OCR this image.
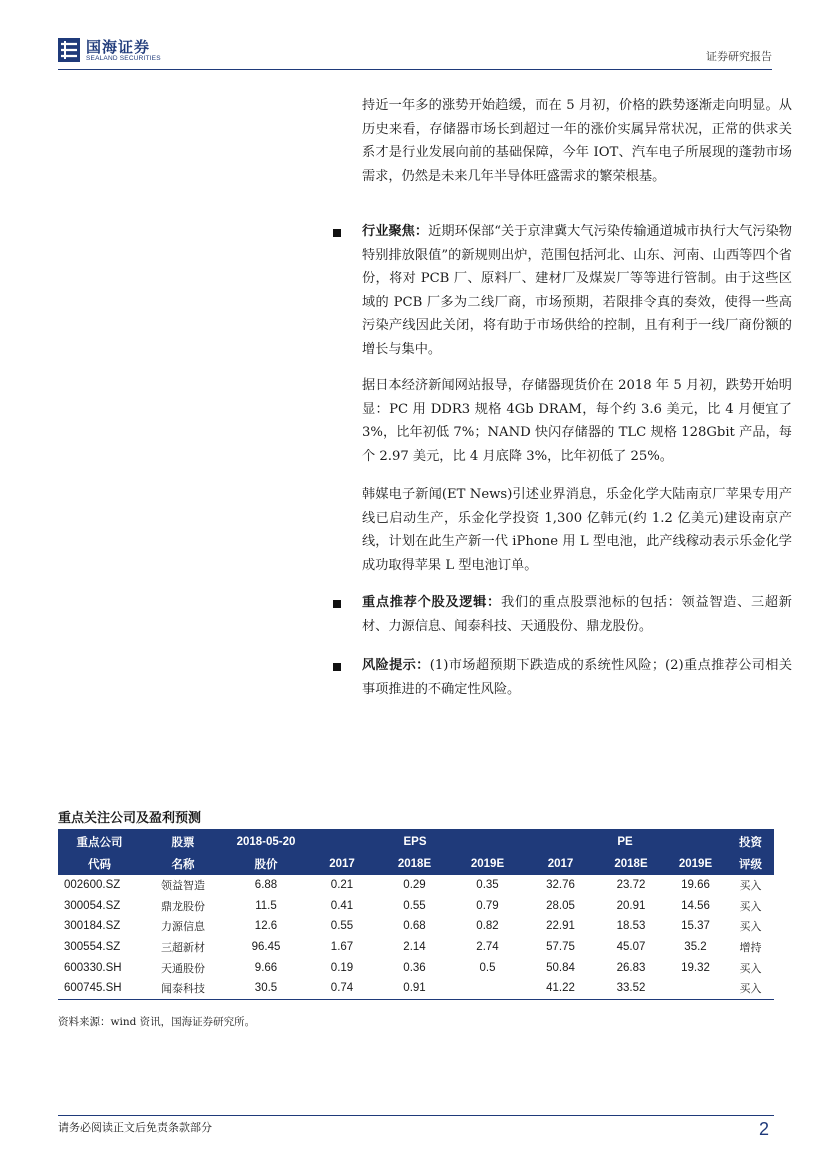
国海证券
SEALAND SECURITIES	证券研究报告
持近一年多的涨势开始趋缓，而在 5 月初，价格的跌势逐渐走向明显。从历史来看，存储器市场长到超过一年的涨价实属异常状况，正常的供求关系才是行业发展向前的基础保障，今年 IOT、汽车电子所展现的蓬勃市场需求，仍然是未来几年半导体旺盛需求的繁荣根基。
行业聚焦：近期环保部“关于京津冀大气污染传输通道城市执行大气污染物特别排放限值”的新规则出炉，范围包括河北、山东、河南、山西等四个省份，将对 PCB 厂、原料厂、建材厂及煤炭厂等等进行管制。由于这些区域的 PCB 厂多为二线厂商，市场预期，若限排令真的奏效，使得一些高污染产线因此关闭，将有助于市场供给的控制，且有利于一线厂商份额的增长与集中。
据日本经济新闻网站报导，存储器现货价在 2018 年 5 月初，跌势开始明显：PC 用 DDR3 规格 4Gb DRAM，每个约 3.6 美元，比 4 月便宜了 3%，比年初低 7%；NAND 快闪存储器的 TLC 规格 128Gbit 产品，每个 2.97 美元，比 4 月底降 3%，比年初低了 25%。
韩媒电子新闻(ET News)引述业界消息，乐金化学大陆南京厂苹果专用产线已启动生产，乐金化学投资 1,300 亿韩元(约 1.2 亿美元)建设南京产线，计划在此生产新一代 iPhone 用 L 型电池，此产线稼动表示乐金化学成功取得苹果 L 型电池订单。
重点推荐个股及逻辑：我们的重点股票池标的包括：领益智造、三超新材、力源信息、闻泰科技、天通股份、鼎龙股份。
风险提示：(1)市场超预期下跌造成的系统性风险；(2)重点推荐公司相关事项推进的不确定性风险。
重点关注公司及盈利预测
重点公司	股票	2018-05-20	EPS			PE			投资
代码	名称	股价	2017	2018E	2019E	2017	2018E	2019E	评级
002600.SZ	领益智造	6.88	0.21	0.29	0.35	32.76	23.72	19.66	买入
300054.SZ	鼎龙股份	11.5	0.41	0.55	0.79	28.05	20.91	14.56	买入
300184.SZ	力源信息	12.6	0.55	0.68	0.82	22.91	18.53	15.37	买入
300554.SZ	三超新材	96.45	1.67	2.14	2.74	57.75	45.07	35.2	增持
600330.SH	天通股份	9.66	0.19	0.36	0.5	50.84	26.83	19.32	买入
600745.SH	闻泰科技	30.5	0.74	0.91		41.22	33.52		买入
资料来源：wind 资讯，国海证券研究所。
请务必阅读正文后免责条款部分	2
